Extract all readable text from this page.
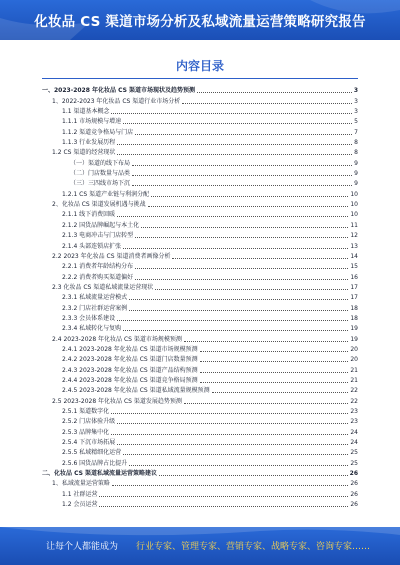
化妆品 CS 渠道市场分析及私域流量运营策略研究报告
内容目录
一、2023-2028 年化妆品 CS 渠道市场现状及趋势预测	3
1、2022-2023 年化妆品 CS 渠道行业市场分析	3
1.1 渠道基本概念	3
1.1.1 市场规模与增速	5
1.1.2 渠道竞争格局与门店	7
1.1.3 行业发展历程	8
1.2 CS 渠道的经营现状	8
（一）渠道的线下布局	9
（二）门店数量与品类	9
（三）三四线市场下沉	9
1.2.1 CS 渠道产业链与利润分配	10
2、化妆品 CS 渠道发展机遇与挑战	10
2.1.1 线下消费回暖	10
2.1.2 国货品牌崛起与本土化	11
2.1.3 电商冲击与门店转型	12
2.1.4 头部连锁店扩张	13
2.2 2023 年化妆品 CS 渠道消费者画像分析	14
2.2.1 消费者年龄结构分布	15
2.2.2 消费者购买渠道偏好	16
2.3 化妆品 CS 渠道私域流量运营现状	17
2.3.1 私域流量运营模式	17
2.3.2 门店社群运营案例	18
2.3.3 会员体系建设	18
2.3.4 私域转化与复购	19
2.4 2023-2028 年化妆品 CS 渠道市场规模预测	19
2.4.1 2023-2028 年化妆品 CS 渠道市场规模预测	20
2.4.2 2023-2028 年化妆品 CS 渠道门店数量预测	20
2.4.3 2023-2028 年化妆品 CS 渠道产品结构预测	21
2.4.4 2023-2028 年化妆品 CS 渠道竞争格局预测	21
2.4.5 2023-2028 年化妆品 CS 渠道私域流量规模预测	22
2.5 2023-2028 年化妆品 CS 渠道发展趋势预测	22
2.5.1 渠道数字化	23
2.5.2 门店体验升级	23
2.5.3 品牌集中化	24
2.5.4 下沉市场拓展	24
2.5.5 私域精细化运营	25
2.5.6 国货品牌占比提升	25
二、化妆品 CS 渠道私域流量运营策略建议	26
1、私域流量运营策略	26
1.1 社群运营	26
1.2 会员运营	26
让每个人都能成为 行业专家、管理专家、营销专家、战略专家、咨询专家……
